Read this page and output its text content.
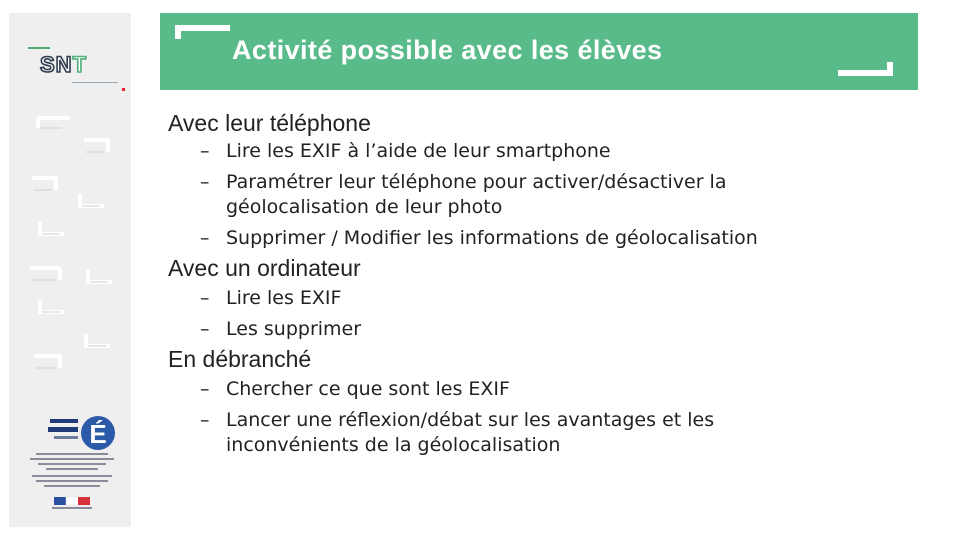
SNT
É
Activité possible avec les élèves
Avec leur téléphone
– Lire les EXIF à l’aide de leur smartphone
– Paramétrer leur téléphone pour activer/désactiver la géolocalisation de leur photo
– Supprimer / Modifier les informations de géolocalisation
Avec un ordinateur
– Lire les EXIF
– Les supprimer
En débranché
– Chercher ce que sont les EXIF
– Lancer une réflexion/débat sur les avantages et les inconvénients de la géolocalisation
